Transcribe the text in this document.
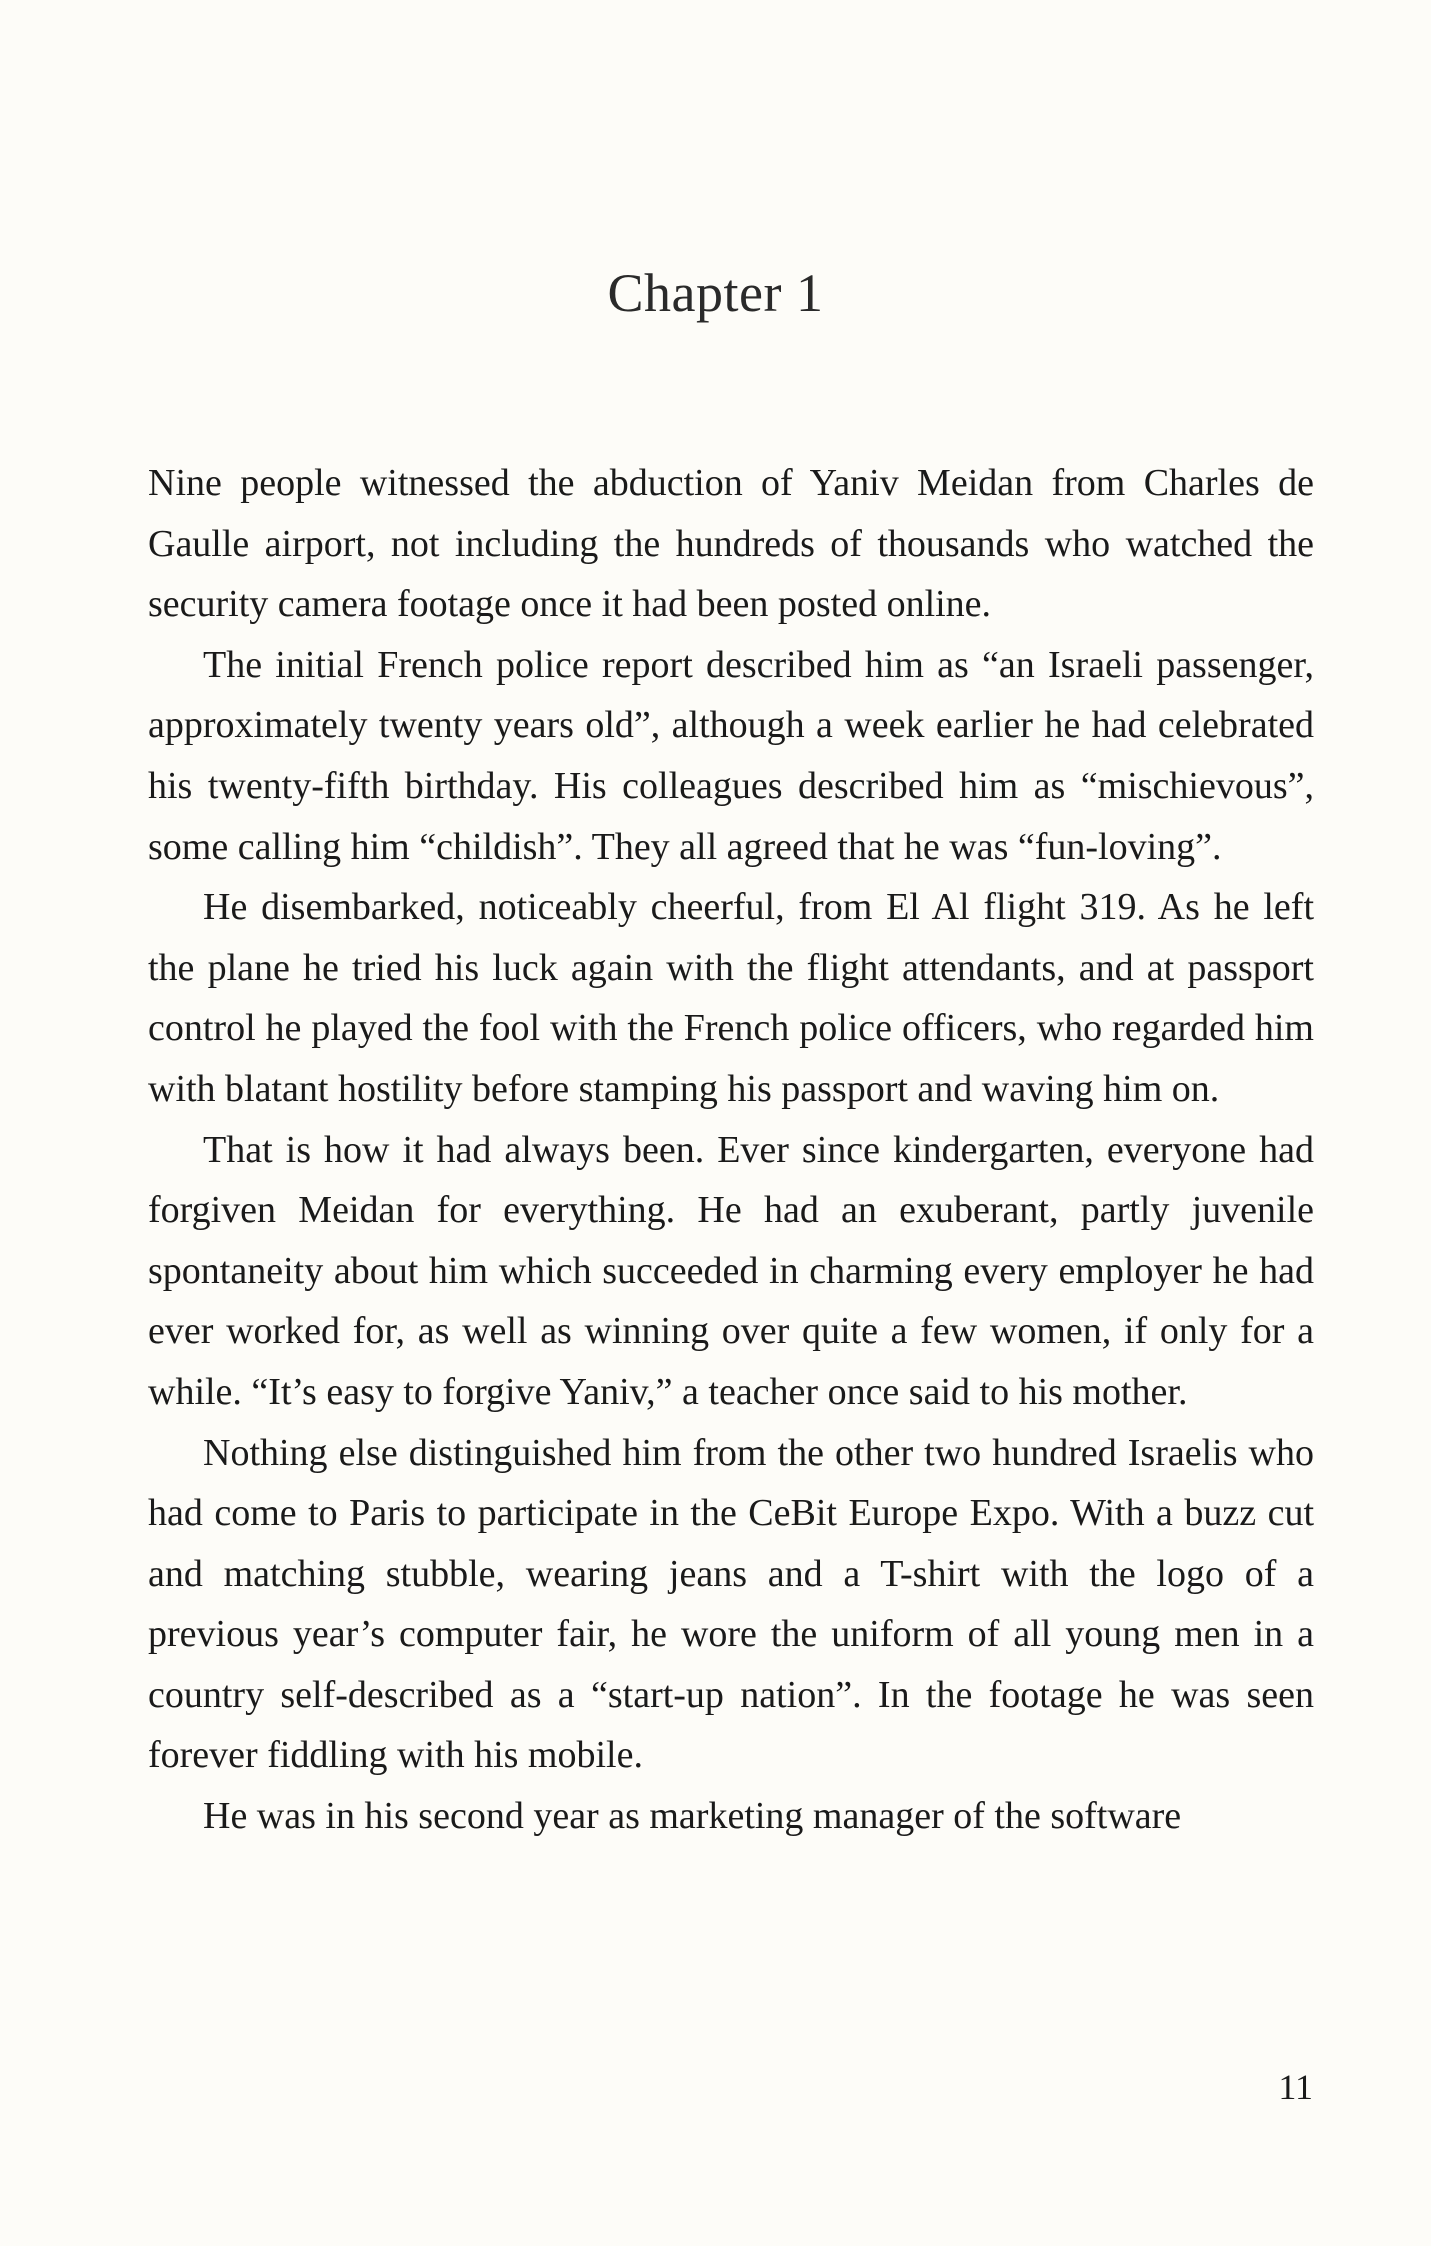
Chapter 1

Nine people witnessed the abduction of Yaniv Meidan from Charles de Gaulle airport, not including the hundreds of thousands who watched the security camera footage once it had been posted online.

The initial French police report described him as “an Israeli passenger, approximately twenty years old”, although a week earlier he had celebrated his twenty-fifth birthday. His colleagues described him as “mischievous”, some calling him “childish”. They all agreed that he was “fun-loving”.

He disembarked, noticeably cheerful, from El Al flight 319. As he left the plane he tried his luck again with the flight attendants, and at passport control he played the fool with the French police officers, who regarded him with blatant hostility before stamping his passport and waving him on.

That is how it had always been. Ever since kindergarten, everyone had forgiven Meidan for everything. He had an exuberant, partly juvenile spontaneity about him which succeeded in charming every employer he had ever worked for, as well as winning over quite a few women, if only for a while. “It’s easy to forgive Yaniv,” a teacher once said to his mother.

Nothing else distinguished him from the other two hundred Israelis who had come to Paris to participate in the CeBit Europe Expo. With a buzz cut and matching stubble, wearing jeans and a T-shirt with the logo of a previous year’s computer fair, he wore the uniform of all young men in a country self-described as a “start-up nation”. In the footage he was seen forever fiddling with his mobile.

He was in his second year as marketing manager of the software

11
